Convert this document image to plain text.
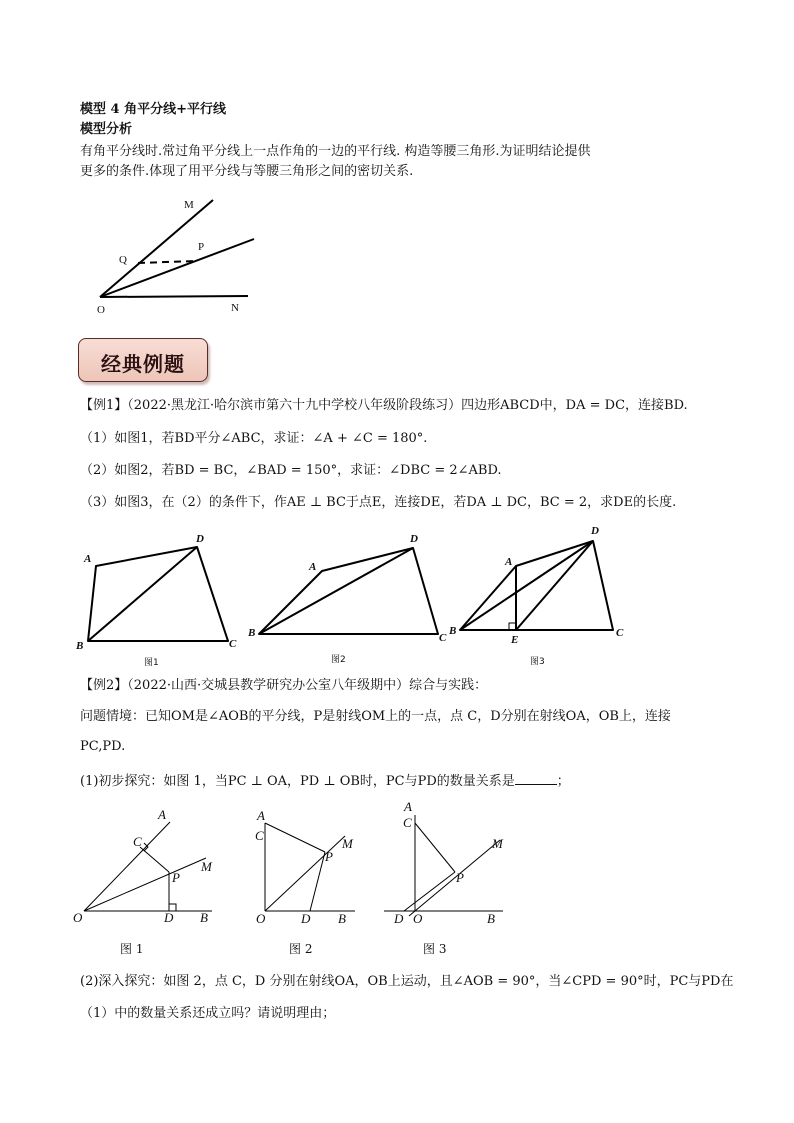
模型 4 角平分线+平行线
模型分析
有角平分线时.常过角平分线上一点作角的一边的平行线. 构造等腰三角形.为证明结论提供
更多的条件.体现了用平分线与等腰三角形之间的密切关系.
M
P
Q
O	N
经典例题
【例1】（2022·黑龙江·哈尔滨市第六十九中学校八年级阶段练习）四边形ABCD中，DA = DC，连接BD.
（1）如图1，若BD平分∠ABC，求证：∠A + ∠C = 180°.
（2）如图2，若BD = BC，∠BAD = 150°，求证：∠DBC = 2∠ABD.
（3）如图3，在（2）的条件下，作AE ⊥ BC于点E，连接DE，若DA ⊥ DC，BC = 2，求DE的长度.
A
D
B	C
图1
A
D
B	C
图2
A
D
B	C
E
图3
【例2】（2022·山西·交城县教学研究办公室八年级期中）综合与实践：
问题情境：已知OM是∠AOB的平分线，P是射线OM上的一点，点 C，D分别在射线OA，OB上，连接
PC,PD.
(1)初步探究：如图 1，当PC ⊥ OA，PD ⊥ OB时，PC与PD的数量关系是	；
A
C
M
P
O	D B
图 1
A
C
M
P
O	D B
图 2
A
C
M
P
D O	B
图 3
(2)深入探究：如图 2，点 C，D 分别在射线OA，OB上运动，且∠AOB = 90°，当∠CPD = 90°时，PC与PD在
（1）中的数量关系还成立吗？请说明理由；
